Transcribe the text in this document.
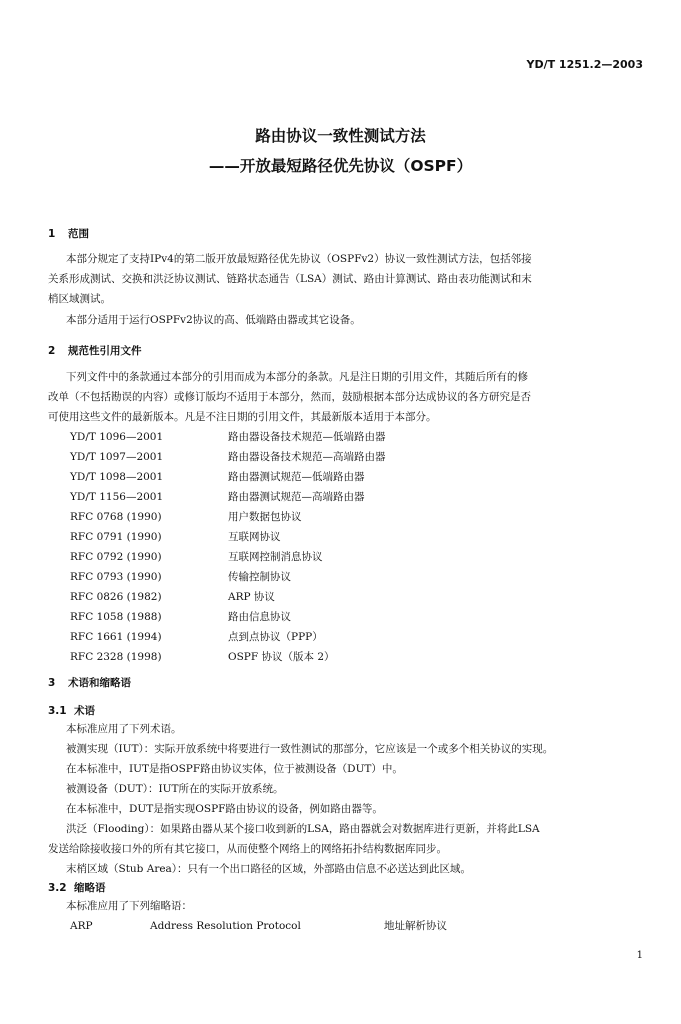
YD/T 1251.2—2003
路由协议一致性测试方法
——开放最短路径优先协议（OSPF）
1 范围
本部分规定了支持IPv4的第二版开放最短路径优先协议（OSPFv2）协议一致性测试方法，包括邻接
关系形成测试、交换和洪泛协议测试、链路状态通告（LSA）测试、路由计算测试、路由表功能测试和末
梢区域测试。
本部分适用于运行OSPFv2协议的高、低端路由器或其它设备。
2 规范性引用文件
下列文件中的条款通过本部分的引用而成为本部分的条款。凡是注日期的引用文件，其随后所有的修
改单（不包括勘误的内容）或修订版均不适用于本部分，然而，鼓励根据本部分达成协议的各方研究是否
可使用这些文件的最新版本。凡是不注日期的引用文件，其最新版本适用于本部分。
YD/T 1096—2001	路由器设备技术规范—低端路由器
YD/T 1097—2001	路由器设备技术规范—高端路由器
YD/T 1098—2001	路由器测试规范—低端路由器
YD/T 1156—2001	路由器测试规范—高端路由器
RFC 0768 (1990)	用户数据包协议
RFC 0791 (1990)	互联网协议
RFC 0792 (1990)	互联网控制消息协议
RFC 0793 (1990)	传输控制协议
RFC 0826 (1982)	ARP 协议
RFC 1058 (1988)	路由信息协议
RFC 1661 (1994)	点到点协议（PPP）
RFC 2328 (1998)	OSPF 协议（版本 2）
3 术语和缩略语
3.1 术语
本标准应用了下列术语。
被测实现（IUT）：实际开放系统中将要进行一致性测试的那部分，它应该是一个或多个相关协议的实现。
在本标准中，IUT是指OSPF路由协议实体，位于被测设备（DUT）中。
被测设备（DUT）：IUT所在的实际开放系统。
在本标准中，DUT是指实现OSPF路由协议的设备，例如路由器等。
洪泛（Flooding）：如果路由器从某个接口收到新的LSA，路由器就会对数据库进行更新，并将此LSA
发送给除接收接口外的所有其它接口，从而使整个网络上的网络拓扑结构数据库同步。
末梢区域（Stub Area）：只有一个出口路径的区域，外部路由信息不必送达到此区域。
3.2 缩略语
本标准应用了下列缩略语：
ARP	Address Resolution Protocol	地址解析协议
1
